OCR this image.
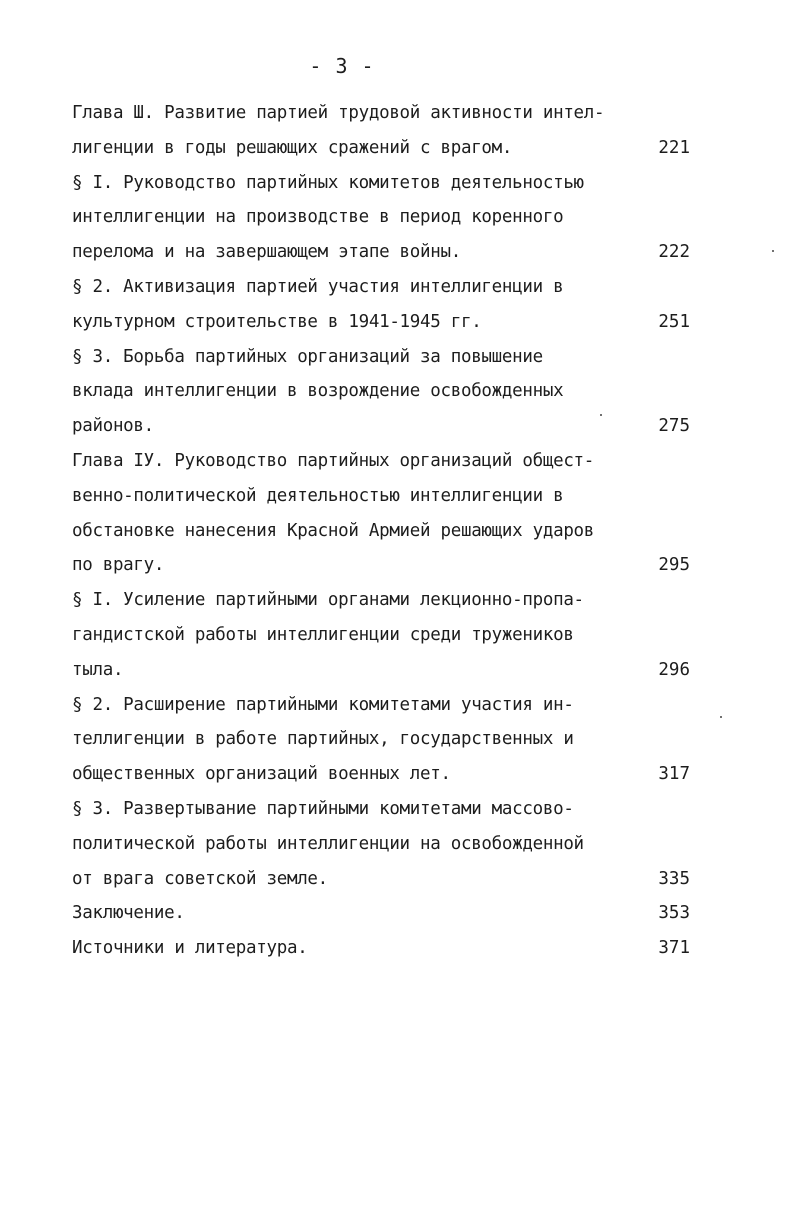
- 3 -
Глава Ш. Развитие партией трудовой активности интел-
лигенции в годы решающих сражений с врагом.	221
§ I. Руководство партийных комитетов деятельностью
интеллигенции на производстве в период коренного
перелома и на завершающем этапе войны.	222
§ 2. Активизация партией участия интеллигенции в
культурном строительстве в 1941-1945 гг.	251
§ 3. Борьба партийных организаций за повышение
вклада интеллигенции в возрождение освобожденных
районов.	275
Глава IУ. Руководство партийных организаций общест-
венно-политической деятельностью интеллигенции в
обстановке нанесения Красной Армией решающих ударов
по врагу.	295
§ I. Усиление партийными органами лекционно-пропа-
гандистской работы интеллигенции среди тружеников
тыла.	296
§ 2. Расширение партийными комитетами участия ин-
теллигенции в работе партийных, государственных и
общественных организаций военных лет.	317
§ 3. Развертывание партийными комитетами массово-
политической работы интеллигенции на освобожденной
от врага советской земле.	335
Заключение.	353
Источники и литература.	371
